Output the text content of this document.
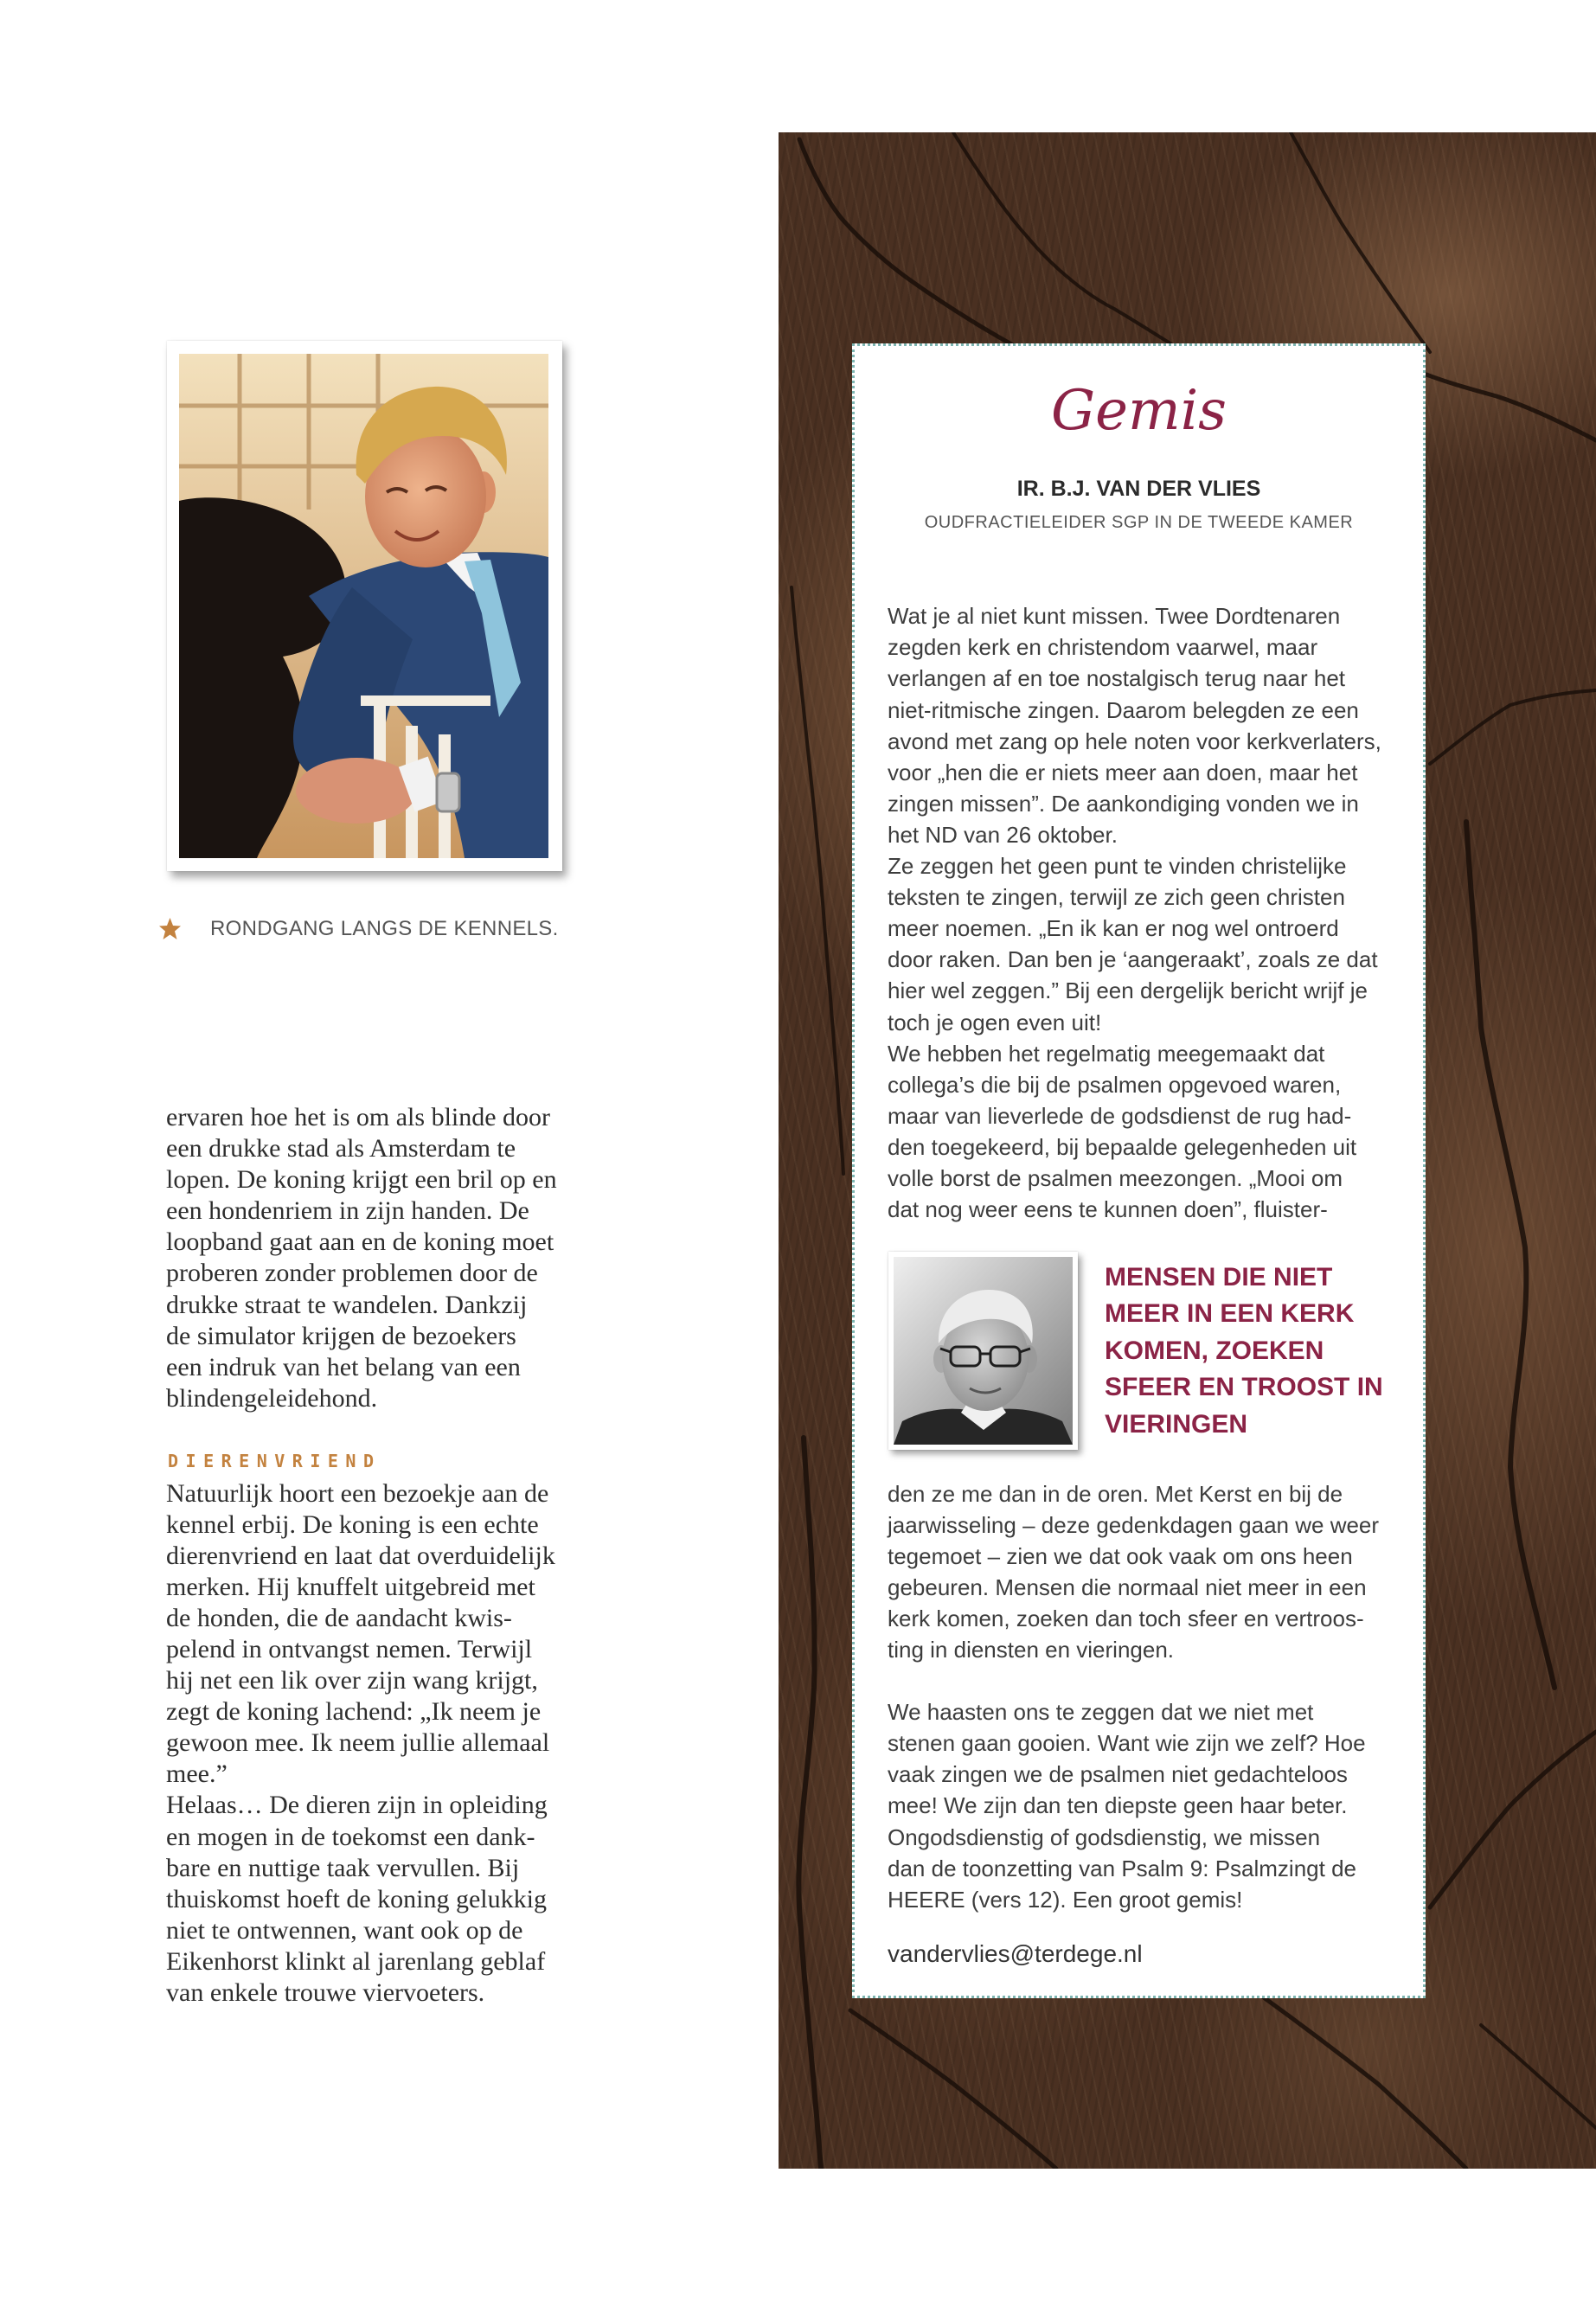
RONDGANG LANGS DE KENNELS.
ervaren hoe het is om als blinde door
een drukke stad als Amsterdam te
lopen. De koning krijgt een bril op en
een hondenriem in zijn handen. De
loopband gaat aan en de koning moet
proberen zonder problemen door de
drukke straat te wandelen. Dankzij
de simulator krijgen de bezoekers
een indruk van het belang van een
blindengeleidehond.
DIERENVRIEND
Natuurlijk hoort een bezoekje aan de
kennel erbij. De koning is een echte
dierenvriend en laat dat overduidelijk
merken. Hij knuffelt uitgebreid met
de honden, die de aandacht kwis-
pelend in ontvangst nemen. Terwijl
hij net een lik over zijn wang krijgt,
zegt de koning lachend: „Ik neem je
gewoon mee. Ik neem jullie allemaal
mee.”
Helaas… De dieren zijn in opleiding
en mogen in de toekomst een dank-
bare en nuttige taak vervullen. Bij
thuiskomst hoeft de koning gelukkig
niet te ontwennen, want ook op de
Eikenhorst klinkt al jarenlang geblaf
van enkele trouwe viervoeters.
Gemis
IR. B.J. VAN DER VLIES
OUDFRACTIELEIDER SGP IN DE TWEEDE KAMER
Wat je al niet kunt missen. Twee Dordtenaren
zegden kerk en christendom vaarwel, maar
verlangen af en toe nostalgisch terug naar het
niet-ritmische zingen. Daarom belegden ze een
avond met zang op hele noten voor kerkverlaters,
voor „hen die er niets meer aan doen, maar het
zingen missen”. De aankondiging vonden we in
het ND van 26 oktober.
Ze zeggen het geen punt te vinden christelijke
teksten te zingen, terwijl ze zich geen christen
meer noemen. „En ik kan er nog wel ontroerd
door raken. Dan ben je ‘aangeraakt’, zoals ze dat
hier wel zeggen.” Bij een dergelijk bericht wrijf je
toch je ogen even uit!
We hebben het regelmatig meegemaakt dat
collega’s die bij de psalmen opgevoed waren,
maar van lieverlede de godsdienst de rug had-
den toegekeerd, bij bepaalde gelegenheden uit
volle borst de psalmen meezongen. „Mooi om
dat nog weer eens te kunnen doen”, fluister-
MENSEN DIE NIET
MEER IN EEN KERK
KOMEN, ZOEKEN
SFEER EN TROOST IN
VIERINGEN
den ze me dan in de oren. Met Kerst en bij de
jaarwisseling – deze gedenkdagen gaan we weer
tegemoet – zien we dat ook vaak om ons heen
gebeuren. Mensen die normaal niet meer in een
kerk komen, zoeken dan toch sfeer en vertroos-
ting in diensten en vieringen.
We haasten ons te zeggen dat we niet met
stenen gaan gooien. Want wie zijn we zelf? Hoe
vaak zingen we de psalmen niet gedachteloos
mee! We zijn dan ten diepste geen haar beter.
Ongodsdienstig of godsdienstig, we missen
dan de toonzetting van Psalm 9: Psalmzingt de
HEERE (vers 12). Een groot gemis!
vandervlies@terdege.nl
